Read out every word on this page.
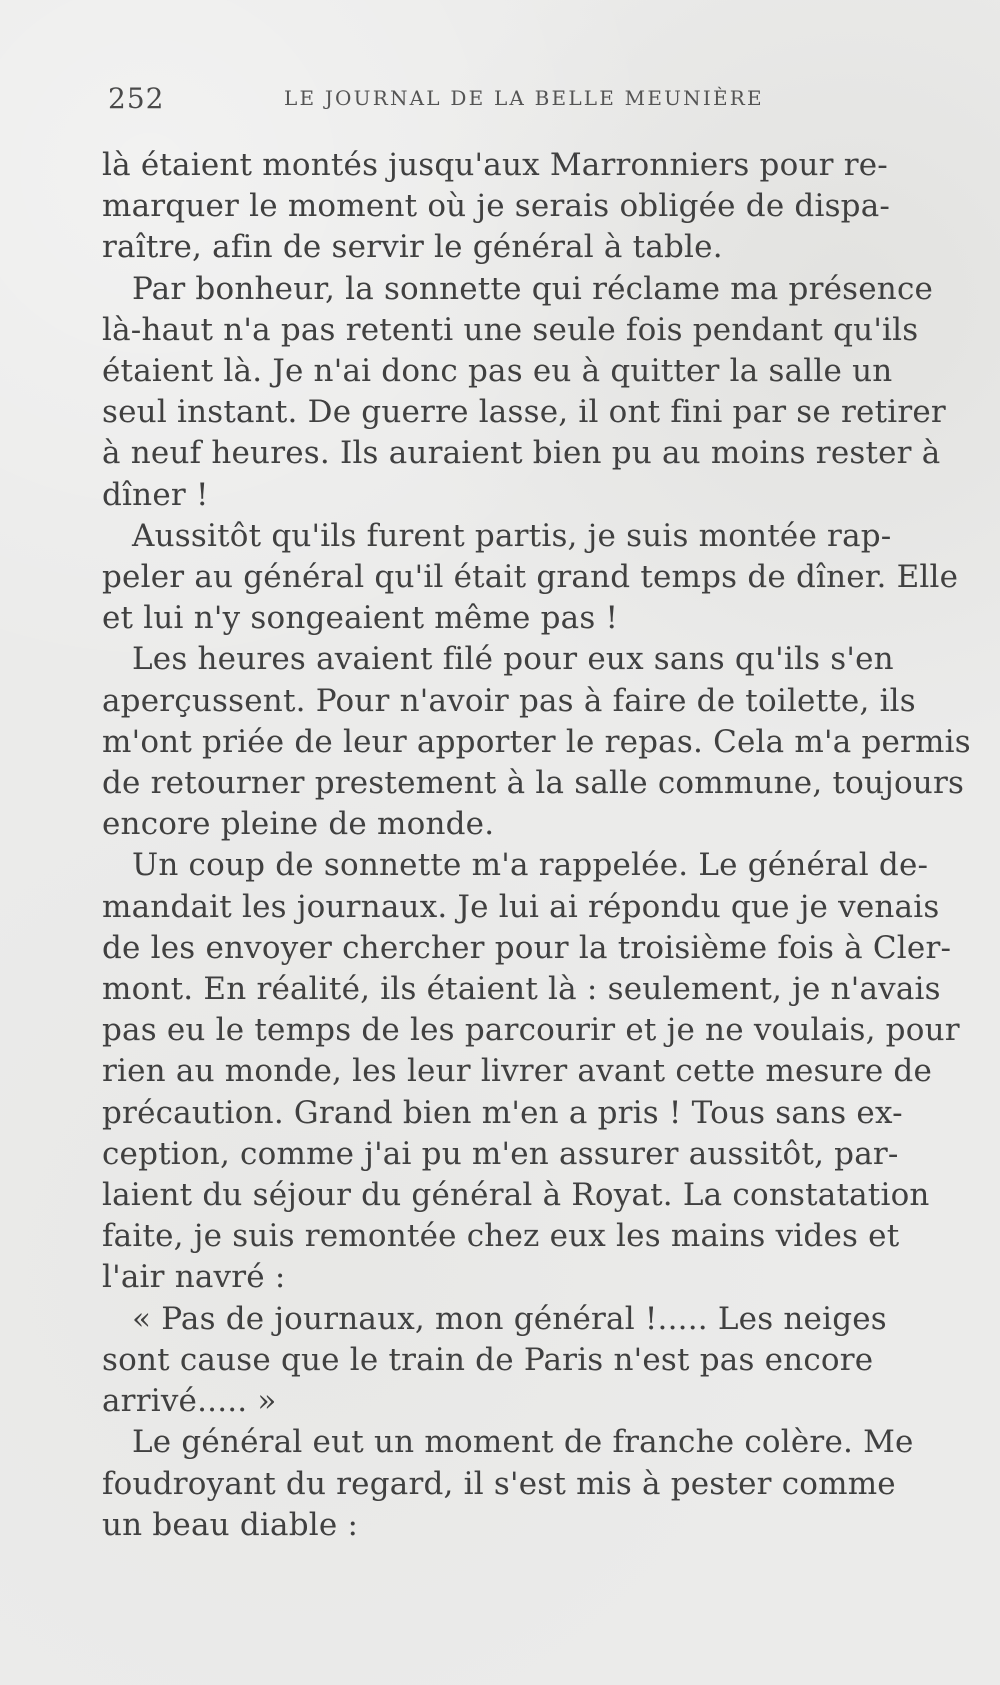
252	LE JOURNAL DE LA BELLE MEUNIÈRE

là étaient montés jusqu'aux Marronniers pour re-
marquer le moment où je serais obligée de dispa-
raître, afin de servir le général à table.

Par bonheur, la sonnette qui réclame ma présence
là-haut n'a pas retenti une seule fois pendant qu'ils
étaient là. Je n'ai donc pas eu à quitter la salle un
seul instant. De guerre lasse, il ont fini par se retirer
à neuf heures. Ils auraient bien pu au moins rester à
dîner !

Aussitôt qu'ils furent partis, je suis montée rap-
peler au général qu'il était grand temps de dîner. Elle
et lui n'y songeaient même pas !

Les heures avaient filé pour eux sans qu'ils s'en
aperçussent. Pour n'avoir pas à faire de toilette, ils
m'ont priée de leur apporter le repas. Cela m'a permis
de retourner prestement à la salle commune, toujours
encore pleine de monde.

Un coup de sonnette m'a rappelée. Le général de-
mandait les journaux. Je lui ai répondu que je venais
de les envoyer chercher pour la troisième fois à Cler-
mont. En réalité, ils étaient là : seulement, je n'avais
pas eu le temps de les parcourir et je ne voulais, pour
rien au monde, les leur livrer avant cette mesure de
précaution. Grand bien m'en a pris ! Tous sans ex-
ception, comme j'ai pu m'en assurer aussitôt, par-
laient du séjour du général à Royat. La constatation
faite, je suis remontée chez eux les mains vides et
l'air navré :

« Pas de journaux, mon général !..... Les neiges
sont cause que le train de Paris n'est pas encore
arrivé..... »

Le général eut un moment de franche colère. Me
foudroyant du regard, il s'est mis à pester comme
un beau diable :
